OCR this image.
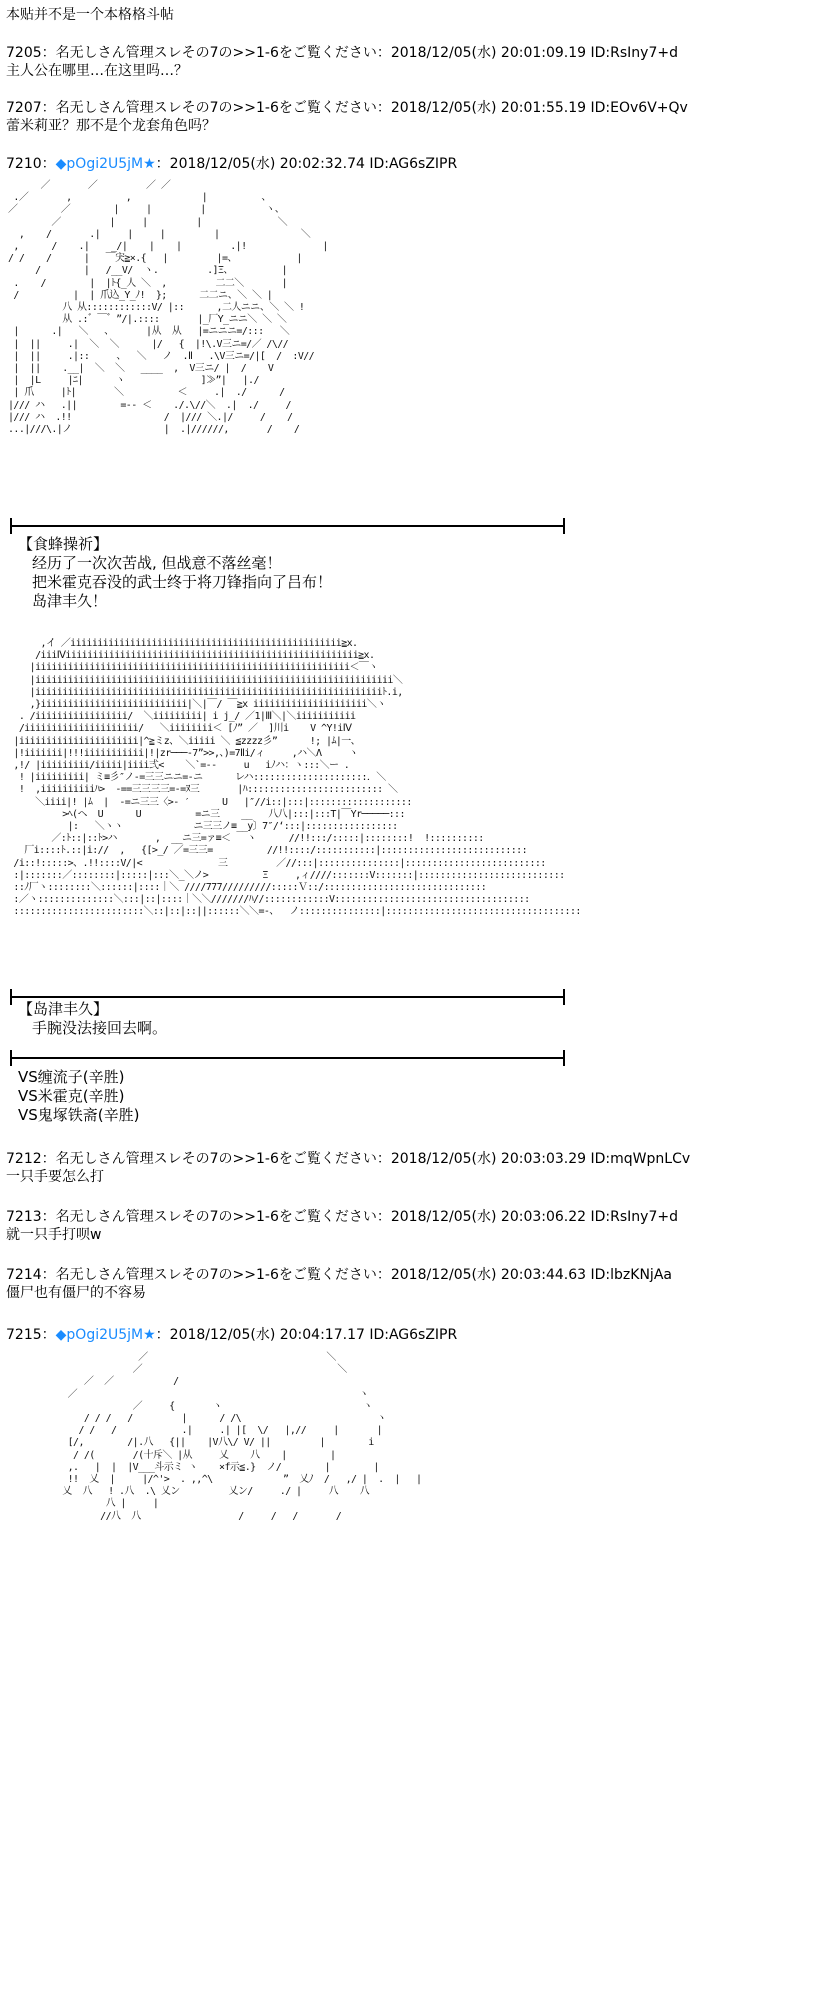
本贴并不是一个本格格斗帖
7205：名无しさん管理スレその7の>>1-6をご覧ください：2018/12/05(水) 20:01:09.19 ID:RsIny7+d
主人公在哪里…在这里吗…？
7207：名无しさん管理スレその7の>>1-6をご覧ください：2018/12/05(水) 20:01:55.19 ID:EOv6V+Qv
蕾米莉亚？那不是个龙套角色吗？
7210：◆pOgi2U5jM★：2018/12/05(水) 20:02:32.74 ID:AG6sZIPR
／       ／         ／ ／
.／       ,          ,             |          、
／        ／        |     |         |           ヽ、
／         |     |         |              ＼
,    /       .|     |     |         |               ＼
,      /    .|    _/|    |    |         .|!              |
/ /    /      |   ￣宊≧×.{   |         |=、           |
/        |   /__V/  ヽ.         .]Ξ、         |
.    /        |  |ﾄ{_人 ＼  ,         二二＼       |
/          |  | 爪込_Y_ﾉ!  };      二二ニ、＼ ＼ |
八 从::::::::::::V/ |::      ,二人ニニ、＼ ＼ !
从 .:゛￣゛”/|.::::       |_厂Y_ニニ＼ ＼ ＼
|      .|   ＼   、      |从  从   |=ニニニ=/:::   ＼
|  ||     .|  ＼  ＼      |/   {  |!\.V三ニ=/／ /\//
|  ||     .|::     、  ＼   ノ  .Ⅱ   .\V三ニ=/|[  /  :V//
|  ||    .__|  ＼  ＼   ____  ,  V三ニ/ |  /    V
|  |L     |ﾆ|      ヽ              ]≫”|   |./
| 爪     |ﾄ|       ＼          ＜     .|  ./      /
|/// ハ   .||        =-- ＜    ./.\//＼  .|  ./     /
|/// ハ  .!!                 /  |/// ＼.|/     /    /
...|///\.|ノ                 |  .|//////,       /    /
【食蜂操祈】
经历了一次次苦战, 但战意不落丝毫！
把米霍克吞没的武士终于将刀锋指向了吕布！
岛津丰久！
,イ ／iiiiiiiiiiiiiiiiiiiiiiiiiiiiiiiiiiiiiiiiiiiiiiiiii≧x.
/iiiⅣiiiiiiiiiiiiiiiiiiiiiiiiiiiiiiiiiiiiiiiiiiiiiiiiiiiiii≧x.
|iiiiiiiiiiiiiiiiiiiiiiiiiiiiiiiiiiiiiiiiiiiiiiiiiiiiiiiiii＜￣ヽ
|iiiiiiiiiiiiiiiiiiiiiiiiiiiiiiiiiiiiiiiiiiiiiiiiiiiiiiiiiiiiiiiiii＼
|iiiiiiiiiiiiiiiiiiiiiiiiiiiiiiiiiiiiiiiiiiiiiiiiiiiiiiiiiiiiiiiiﾄ.i,
,}iiiiiiiiiiiiiiiiiiiiiiiiiii|＼|￣/ ￣≧x iiiiiiiiiiiiiiiiiiiii＼ヽ
. /iiiiiiiiiiiiiiiii/  ＼iiiiiiiii| i j_/ ／1|Ⅲ＼|＼iiiiiiiiiii
/iiiiiiiiiiiiiiiiiiiii/   ＼iiiiiiii＜ [ﾉ” ／  ]川i    V ^Y!iⅣ
|iiiiiiiiiiiiiiiiiiiiii|^≧ミz、＼iiiii ＼ ≦zzzz彡”      !; |ﾑ|一、
|!iiiiiii|!!!iiiiiiiiiii|!|zr───-7”>>,、)=7Ⅱi/ィ     ,ハ＼Λ     ヽ
,!/ |iiiiiiiii/iiiii|iiii弍<    ＼`=--     u   iﾉハ：ヽ:::＼ー .
! |iiiiiiiii| ミ≡彡″ノ-=三三ニニ=-ニ      レハ:::::::::::::::::::::．＼
!  ,iiiiiiiiiiﾊ>  -==三三三三=-=ﾇ三       |ﾊ::::::::::::::::::::::::: ＼
＼iiii|! |ﾑ  |  -=ニ三三〈>- ′      U   |″//i::|:::|:::::::::::::::::::
>ﾍ(ヘ  U      U          =ニ三    __   八八|:::|:::T|￣Yr─────:::
|:   ＼ヽヽ             ニ三三ノ≡__y〕7″/‘:::|:::::::::::::::::
／:ﾄ::|::ﾄ>ハ       ,  __ニ三=ァ≡＜   ヽ      //!!:::/:::::|::::::::!  !::::::::::
厂i::::ﾄ.::|i://  ,   {[>_/ ／=三三=          //!!::::/:::::::::::|:::::::::::::::::::::::::::
/i::!:::::>、.!!::::V/|<              三         ／//:::|:::::::::::::::|::::::::::::::::::::::::::
:|:::::::／::::::::|:::::|:::＼_＼ノ>          Ξ     ,ィ////:::::::V:::::::|:::::::::::::::::::::::::::
::ﾉ厂ヽ::::::::＼::::::|::::｜＼ ////777/////////:::::Ｖ::/::::::::::::::::::::::::::::::
:／ヽ::::::::::::::＼:::|::|::::｜＼＼///////ﾊ//::::::::::::V::::::::::::::::::::::::::::::::::::
::::::::::::::::::::::::＼::|::|::||::::::＼＼=-、  ノ:::::::::::::::|::::::::::::::::::::::::::::::::::::
【岛津丰久】
手腕没法接回去啊。
VS缠流子(辛胜)
VS米霍克(辛胜)
VS鬼塚铁斋(辛胜)
7212：名无しさん管理スレその7の>>1-6をご覧ください：2018/12/05(水) 20:03:03.29 ID:mqWpnLCv
一只手要怎么打
7213：名无しさん管理スレその7の>>1-6をご覧ください：2018/12/05(水) 20:03:06.22 ID:RsIny7+d
就一只手打呗w
7214：名无しさん管理スレその7の>>1-6をご覧ください：2018/12/05(水) 20:03:44.63 ID:lbzKNjAa
僵尸也有僵尸的不容易
7215：◆pOgi2U5jM★：2018/12/05(水) 20:04:17.17 ID:AG6sZIPR
／                                 ＼
／                                    ＼
／  ／           /
／                                                    ヽ
／     {       ヽ                          ヽ
/ / /   /         |      / /\                         ヽ
/ /   /            .|     .| |[  \/   |,//     |       |
[/,        /|.八   {||    |V八\/ V/ ||         |        i
/ /(       /(十斥＼ |从     乂    八    |        |
,.   |  |  |V___斗示ミ ヽ    ×f示≦.}  ノ/        |        |
!!  乂  |     |/^'>  . ,,^\             ”  乂ﾉ  /   ,/ |  .  |   |
乂  八   ! .八  .\ 乂ン         乂ン/     ./ |     八    八
八 |     |
//八  八                  /     /   /       /
